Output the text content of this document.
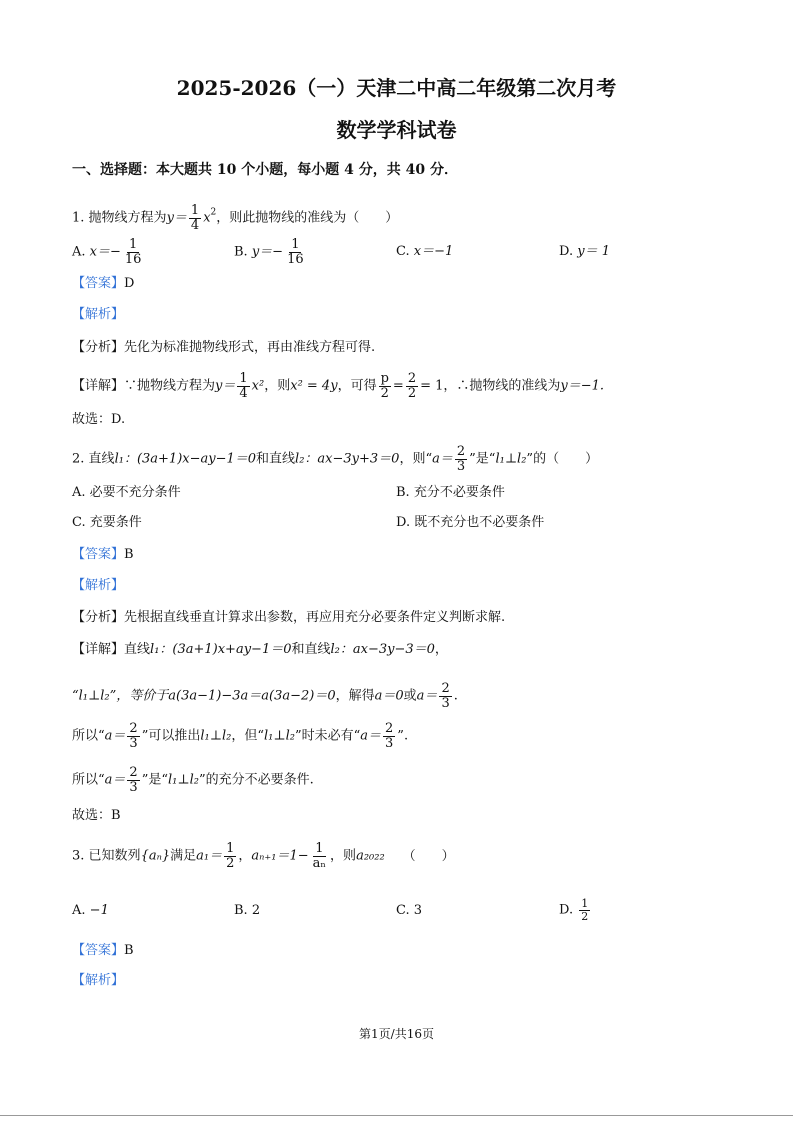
2025-2026（一）天津二中高二年级第二次月考
数学学科试卷
一、选择题：本大题共 10 个小题，每小题 4 分，共 40 分．
1. 抛物线方程为$y= \frac{1}{4} x^2$，则此抛物线的准线为（　　）
A. $x=- \frac{1}{16}$	B. $y=- \frac{1}{16}$	C. x＝−1	D. y＝ 1
【答案】D
【解析】
【分析】先化为标准抛物线形式，再由准线方程可得.
【详解】∵抛物线方程为$y= \frac{1}{4} x^2$，则x² = 4y，可得 $\frac{p}{2} = \frac{2}{2} = 1$，∴抛物线的准线为y＝−1.
故选：D.
2. 直线l₁：(3a+1)x−ay−1＝0和直线l₂：ax−3y+3＝0，则“$a= \frac{2}{3}$ ”是“l₁⊥l₂”的（　　）
A. 必要不充分条件	B. 充分不必要条件
C. 充要条件	D. 既不充分也不必要条件
【答案】B
【解析】
【分析】先根据直线垂直计算求出参数，再应用充分必要条件定义判断求解.
【详解】直线l₁：(3a+1)x+ay−1＝0和直线l₂：ax−3y−3＝0，
“l₁⊥l₂”，等价于a(3a−1)−3a＝a(3a−2)＝0，解得a＝0或$a= \frac{2}{3}$ .
所以“$a= \frac{2}{3}$ ”可以推出l₁⊥l₂，但“l₁⊥l₂”时未必有“$a= \frac{2}{3}$ ”.
所以“$a= \frac{2}{3}$ ”是“l₁⊥l₂”的充分不必要条件.
故选：B
3. 已知数列{aₙ}满足$a_1= \frac{1}{2}$ ，$a_{n+1}=1- \frac{1}{\text{aₙ}}$ ，则a₂₀₂₂ （　　）
A. −1	B. 2	C. 3	D. $\frac{1}{2}$
【答案】B
【解析】
第1页/共16页
